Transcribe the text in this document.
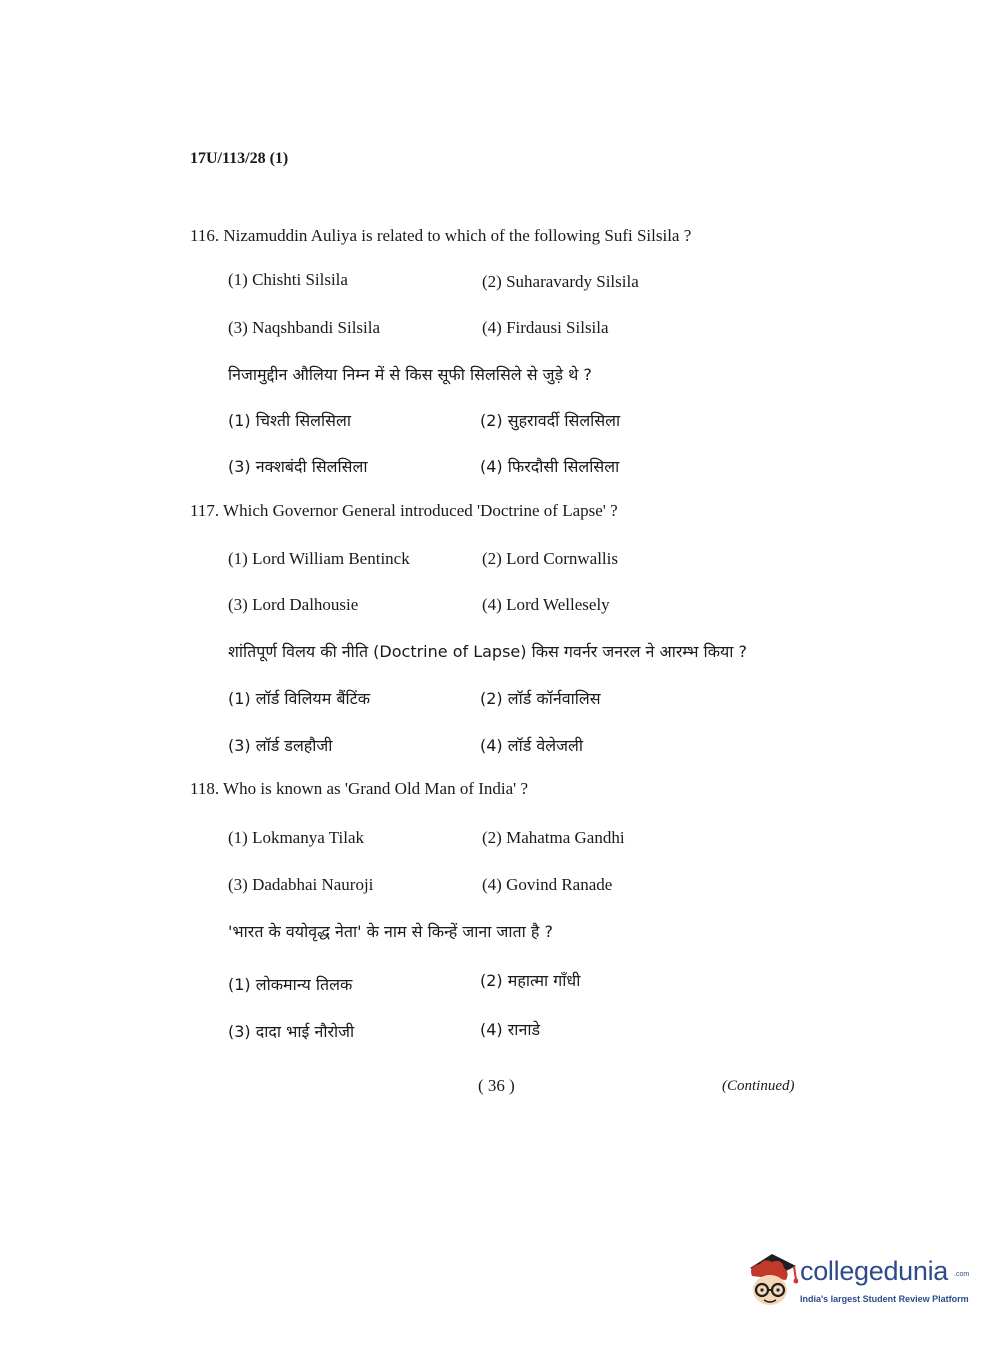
17U/113/28 (1)
116. Nizamuddin Auliya is related to which of the following Sufi Silsila ?
(1) Chishti Silsila	(2) Suharavardy Silsila
(3) Naqshbandi Silsila	(4) Firdausi Silsila
निजामुद्दीन औलिया निम्न में से किस सूफी सिलसिले से जुड़े थे ?
(1) चिश्ती सिलसिला	(2) सुहरावर्दी सिलसिला
(3) नक्शबंदी सिलसिला	(4) फिरदौसी सिलसिला
117. Which Governor General introduced 'Doctrine of Lapse' ?
(1) Lord William Bentinck	(2) Lord Cornwallis
(3) Lord Dalhousie	(4) Lord Wellesely
शांतिपूर्ण विलय की नीति (Doctrine of Lapse) किस गवर्नर जनरल ने आरम्भ किया ?
(1) लॉर्ड विलियम बैंटिंक	(2) लॉर्ड कॉर्नवालिस
(3) लॉर्ड डलहौजी	(4) लॉर्ड वेलेजली
118. Who is known as 'Grand Old Man of India' ?
(1) Lokmanya Tilak	(2) Mahatma Gandhi
(3) Dadabhai Nauroji	(4) Govind Ranade
'भारत के वयोवृद्ध नेता' के नाम से किन्हें जाना जाता है ?
(1) लोकमान्य तिलक	(2) महात्मा गाँधी
(3) दादा भाई नौरोजी	(4) रानाडे
( 36 )	(Continued)
collegedunia .com
India's largest Student Review Platform
